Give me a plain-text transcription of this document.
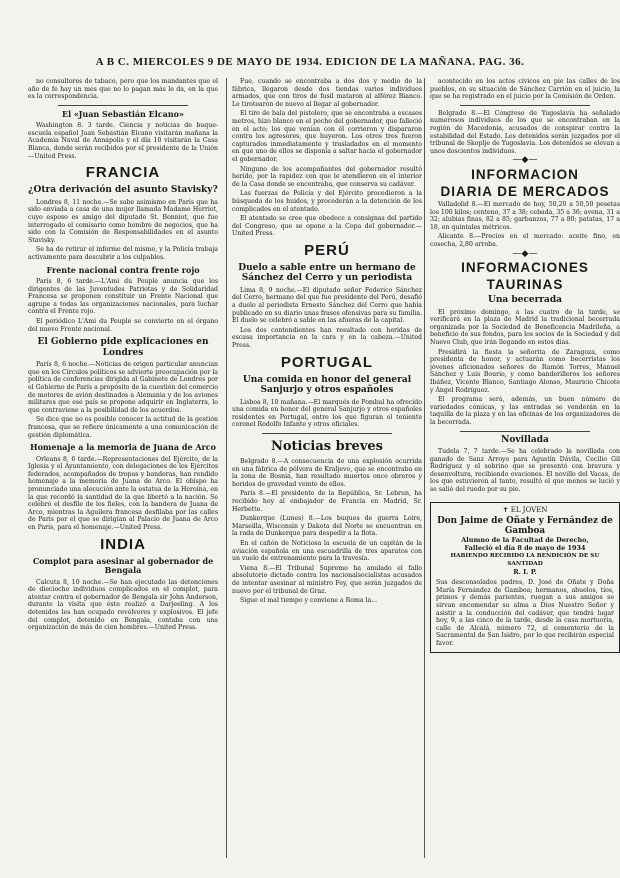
A B C. MIERCOLES 9 DE MAYO DE 1934. EDICION DE LA MAÑANA. PAG. 36.

no consultores de tabaco, pero que los mandantes que el año de fe hay un mes que no lo pagan más le da, en la que es la correspondencia.

El «Juan Sebastián Elcano»

Washington 8. 3 tarde. Ciencia y noticias de buque-escuela español Juan Sebastián Elcano visitarán mañana la Academia Naval de Annápolis y el día 10 visitarán la Casa Blanca, donde serán recibidos por el presidente de la Unión—United Press.

FRANCIA
¿Otra derivación del asunto Stavisky?

Londres 8, 11 noche.—Se sabe asimismo en París que ha sido enviada a casa de una mujer llamada Madame Herriot, cuyo esposo es amigo del diputado St. Bonniot, que fue interrogado el comisario como hombre de negocios, que ha sido con la Comisión de Responsabilidades en el asunto Stavisky.

Se ha de retirar el informe del mismo, y la Policía trabaja activamente para descubrir a los culpables.

Frente nacional contra frente rojo

París 8, 6 tarde.—L'Ami du Peuple anuncia que los dirigentes de las Juventudes Patriotas y de Solidaridad Francesa se proponen constituir un Frente Nacional que agrupe a todas las organizaciones nacionales, para luchar contra el Frente rojo.

El periódico L'Ami du Peuple se convierte en el órgano del nuevo Frente nacional.

El Gobierno pide explicaciones en Londres

París 8, 6 noche.—Noticias de origen particular anuncian que en los Círculos políticos se advierte preocupación por la política de conferencias dirigida al Gabinete de Londres por el Gobierno de París a propósito de la cuestión del comercio de motores de avión destinados a Alemania y de los aviones militares que ese país se propone adquirir en Inglaterra, lo que contraviene a la posibilidad de los acuerdos.

Se dice que no es posible conocer la actitud de la gestión francesa, que se refiere únicamente a una comunicación de gestión diplomática.

Homenaje a la memoria de Juana de Arco

Orleans 8, 6 tarde.—Representaciones del Ejército, de la Iglesia y el Ayuntamiento, con delegaciones de los Ejércitos federados, acompañados de tropas y banderas, han rendido homenaje a la memoria de Juana de Arco. El obispo ha pronunciado una alocución ante la estatua de la Heroína, en la que recordó la santidad de la que libertó a la nación. Se celebró el desfile de los fieles, con la bandera de Juana de Arco, mientras la Aguilera francesa desfilaba por las calles de París por el que se dirigían al Palacio de Juana de Arco en París, para el homenaje.—United Press.

INDIA
Complot para asesinar al gobernador de Bengala

Calcuta 8, 10 noche.—Se han ejecutado las detenciones de dieciocho individuos complicados en el complot, para atentar contra el gobernador de Bengala sir John Anderson, durante la visita que éste realizó a Darjeeling. A los detenidos les han ocupado revólveres y explosivos. El jefe del complot, detenido en Bengala, contaba con una organización de más de cien hombres.—United Press.

Fue, cuando se encontraba a dos dos y medio de la fábrica, llegaron desde dos tiendas varios individuos armados, que con tiros de fusil mataron al alférez Bianco. Le tirotearon de nuevo al llegar al gobernador.

El tiro de bala del pistolero, que se encontraba a escasos metros, hizo blanco en el pecho del gobernador, que falleció en el acto; los que venían con él corrieron y dispararon contra los agresores, que huyeron. Los otros tres fueron capturados inmediatamente y trasladados en el momento en que uno de ellos se disponía a saltar hacia el gobernador el gobernador.

Ninguno de los acompañantes del gobernador resultó herido, por la rapidez con que le atendieron en el interior de la Casa donde se encontraba, que conserva su cadáver.

Las fuerzas de Policía y del Ejército procedieron a la búsqueda de los huidos, y procederán a la detención de los complicados en el atentado.

El atentado se cree que obedece a consignas del partido del Congreso, que se opone a la Copa del gobernador.—United Press.

PERÚ
Duelo a sable entre un hermano de Sánchez del Cerro y un periodista

Lima 8, 9 noche.—El diputado señor Federico Sánchez del Cerro, hermano del que fue presidente del Perú, desafió a duelo al periodista Ernesto Sánchez del Cerro que había publicado en su diario unas frases ofensivas para su familia. El duelo se celebró a sable en las afueras de la capital.

Los dos contendientes han resultado con heridas de escasa importancia en la cara y en la cabeza.—United Press.

PORTUGAL
Una comida en honor del general Sanjurjo y otros españoles

Lisboa 8, 10 mañana.—El marqués de Pombal ha ofrecido una comida en honor del general Sanjurjo y otros españoles residentes en Portugal, entre los que figuran el teniente coronel Rodolfo Infante y otros oficiales.

Noticias breves

Belgrado 8.—A consecuencia de una explosión ocurrida en una fábrica de pólvora de Kraljevo, que se encontraba en la zona de Bosnia, han resultado muertos once obreros y heridos de gravedad veinte de ellos.

París 8.—El presidente de la República, Sr. Lebrun, ha recibido hoy al embajador de Francia en Madrid, Sr. Herbette.

Dunkerque (Lunes) 8.—Los buques de guerra Loire, Marseilla, Wisconsin y Dakota del Norte se encuentran en la rada de Dunkerque para despedir a la flota.

En el cañón de Noticiosa la escuela de un capitán de la aviación española en una escuadrilla de tres aparatos con un vuelo de entrenamiento para la travesía.

Viena 8.—El Tribunal Supremo ha anulado el fallo absolutorio dictado contra los nacionalsocialistas acusados de intentar asesinar al ministro Fey, que serán juzgados de nuevo por el tribunal de Graz.

Sigue el mal tiempo y conviene a Roma la...

acontecido en los actos cívicos en pie las calles de los pueblos, en su situación de Sánchez Carrión en el juicio, la que se ha registrado en el juicio por la Comisión de Orden.

Belgrado 8.—El Congreso de Yugoslavia ha señalado numerosos individuos de los que se encontraban en la región de Macedonia, acusados de conspirar contra la estabilidad del Estado. Los detenidos serán juzgados por el tribunal de Skoplje de Yugoslavia. Los detenidos se elevan a unos doscientos individuos.

—◆—
INFORMACION
DIARIA DE MERCADOS

Valladolid 8.—El mercado de hoy, 50,20 a 50,50 pesetas los 100 kilos; centeno, 37 a 38; cebada, 35 a 36; avena, 31 a 32; alubias finas, 82 a 85; garbanzos, 77 a 80; patatas, 17 a 18, en quintales métricos.

Alicante 8.—Precios en el mercado: aceite fino, en cosecha, 2,80 arroba.

—◆—
INFORMACIONES
TAURINAS
Una becerrada

El próximo domingo, a las cuatro de la tarde, se verificará en la plaza de Madrid la tradicional becerrada organizada por la Sociedad de Beneficencia Madrileña, a beneficio de sus fondos, para los socios de la Sociedad y del Nuevo Club, que irán llegando en estos días.

Presidirá la fiesta la señorita de Zaragoza, como presidenta de honor, y actuarán como becerristas los jóvenes aficionados señores de Ramón Torres, Manuel Sánchez y Luis Bourio, y como banderilleros los señores Ibáñez, Vicente Blanco, Santiago Alonso, Mauricio Chicote y Ángel Rodríguez.

El programa será, además, un buen número de variedades cómicas, y las entradas se venderán en la taquilla de la plaza y en las oficinas de los organizadores de la becerrada.

Novillada

Tudela 7, 7 tarde.—Se ha celebrado la novillada con ganado de Sanz Arroyo para Agustín Dávila, Cecilio Gil Rodríguez y el sobrino que se presentó con bravura y desenvoltura, recibiendo ovaciones. El novillo del Vacas, de los que estuvieron al tanto, resultó el que menos se lució y se salió del ruedo por su pie.

✝ EL JOVEN
Don Jaime de Oñate y Fernández de Gamboa
Alumno de la Facultad de Derecho,
Falleció el día 8 de mayo de 1934
HABIENDO RECIBIDO LA BENDICIÓN DE SU SANTIDAD
R. I. P.
Sus desconsolados padres, D. José de Oñate y Doña María Fernández de Gamboa; hermanos, abuelos, tíos, primos y demás parientes, ruegan a sus amigos se sirvan encomendar su alma a Dios Nuestro Señor y asistir a la conducción del cadáver, que tendrá lugar hoy, 9, a las cinco de la tarde, desde la casa mortuoria, calle de Alcalá, número 72, al cementerio de la Sacramental de San Isidro, por lo que recibirán especial favor.
